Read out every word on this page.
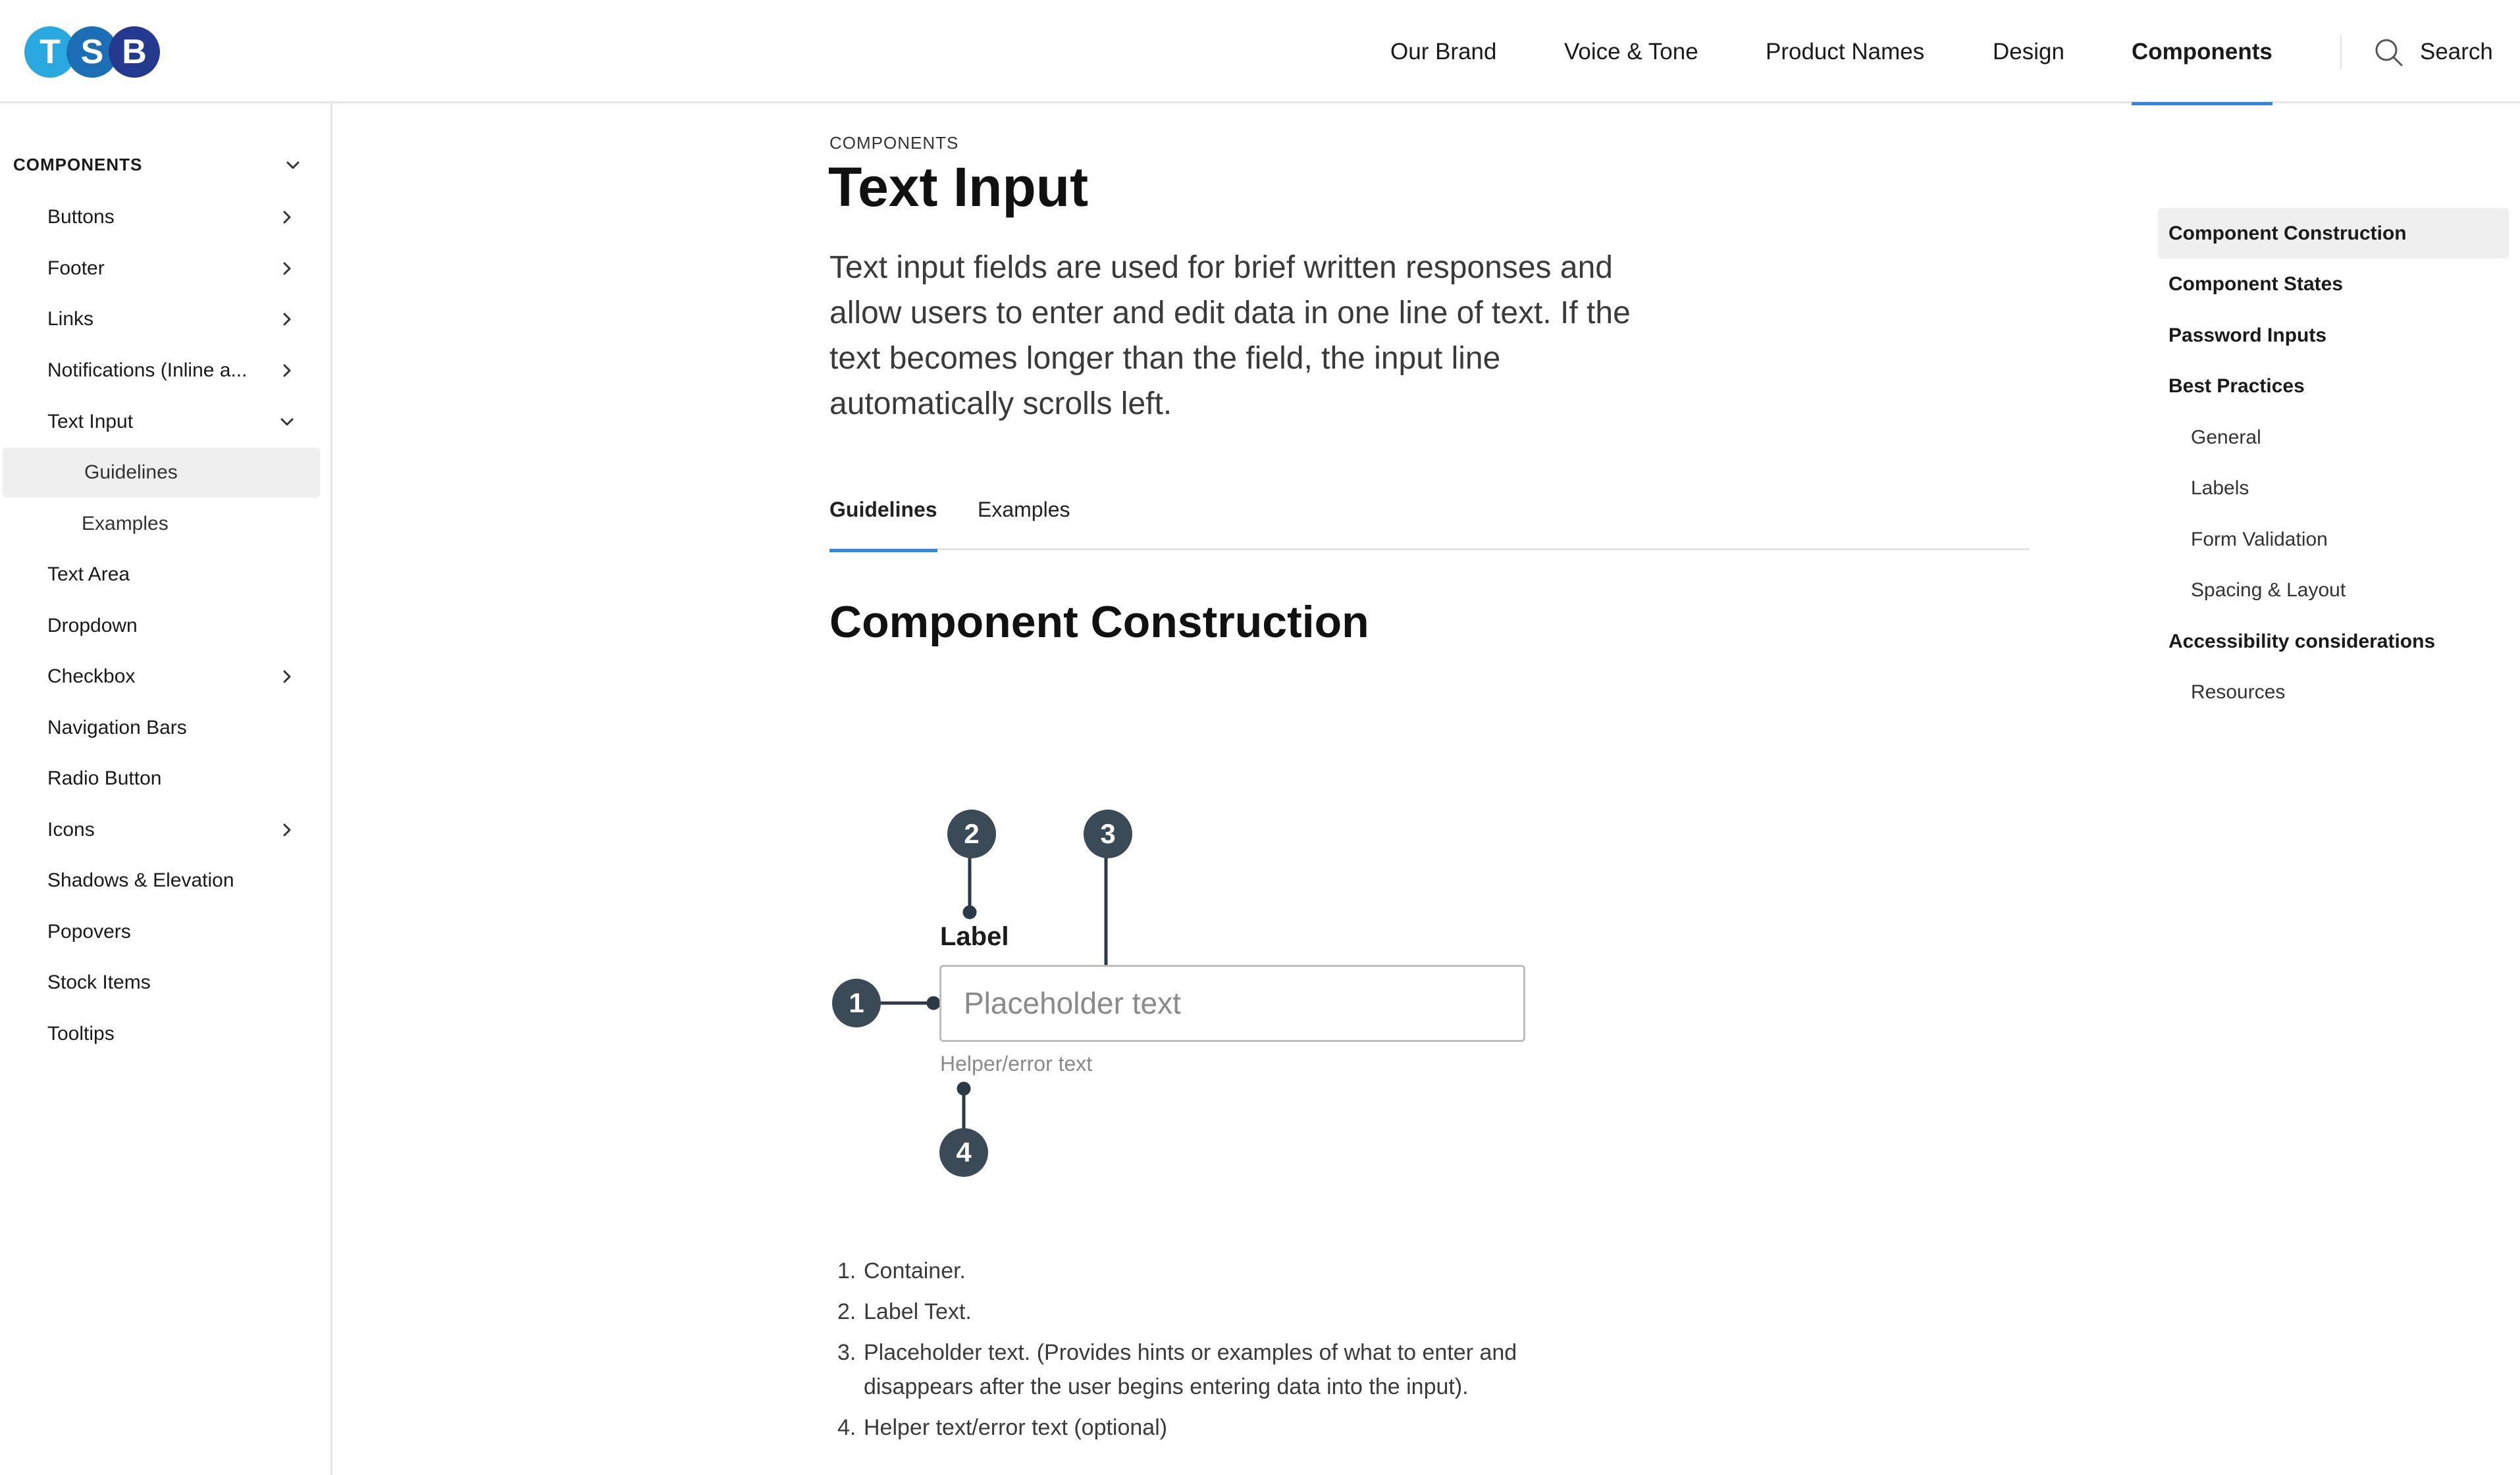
T S B	Our Brand	Voice & Tone	Product Names	Design	Components	Search
COMPONENTS
Buttons
Footer
Links
Notifications (Inline a...
Text Input
Guidelines
Examples
Text Area
Dropdown
Checkbox
Navigation Bars
Radio Button
Icons
Shadows & Elevation
Popovers
Stock Items
Tooltips
COMPONENTS
Text Input

Text input fields are used for brief written responses and allow users to enter and edit data in one line of text. If the text becomes longer than the field, the input line automatically scrolls left.

Guidelines Examples
Component Construction
2	3
1
4
Label
Placeholder text
Helper/error text
1. Container.
2. Label Text.
3. Placeholder text. (Provides hints or examples of what to enter and disappears after the user begins entering data into the input).
4. Helper text/error text (optional)
Component Construction
Component States
Password Inputs
Best Practices
General
Labels
Form Validation
Spacing & Layout
Accessibility considerations
Resources
